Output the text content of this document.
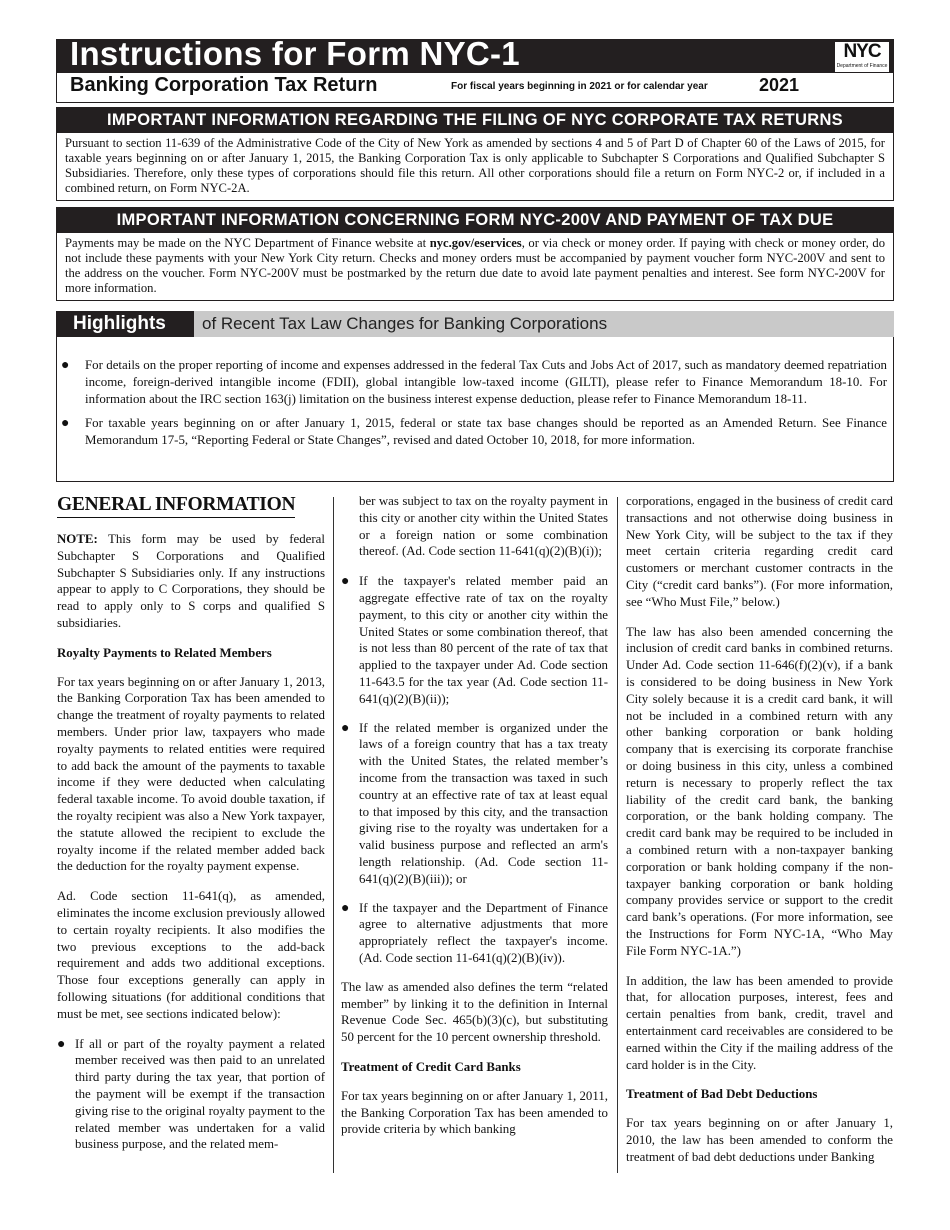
Instructions for Form NYC-1	NYC
Department of Finance
Banking Corporation Tax Return	For fiscal years beginning in 2021 or for calendar year	2021
IMPORTANT INFORMATION REGARDING THE FILING OF NYC CORPORATE TAX RETURNS
Pursuant to section 11-639 of the Administrative Code of the City of New York as amended by sections 4 and 5 of Part D of Chapter 60 of the Laws of 2015, for taxable years beginning on or after January 1, 2015, the Banking Corporation Tax is only applicable to Subchapter S Corporations and Qualified Subchapter S Subsidiaries. Therefore, only these types of corporations should file this return. All other corporations should file a return on Form NYC-2 or, if included in a combined return, on Form NYC-2A.
IMPORTANT INFORMATION CONCERNING FORM NYC-200V AND PAYMENT OF TAX DUE
Payments may be made on the NYC Department of Finance website at nyc.gov/eservices, or via check or money order. If paying with check or money order, do not include these payments with your New York City return. Checks and money orders must be accompanied by payment voucher form NYC-200V and sent to the address on the voucher. Form NYC-200V must be postmarked by the return due date to avoid late payment penalties and interest. See form NYC-200V for more information.
Highlights	of Recent Tax Law Changes for Banking Corporations
● For details on the proper reporting of income and expenses addressed in the federal Tax Cuts and Jobs Act of 2017, such as mandatory deemed repatriation income, foreign-derived intangible income (FDII), global intangible low-taxed income (GILTI), please refer to Finance Memorandum 18-10. For information about the IRC section 163(j) limitation on the business interest expense deduction, please refer to Finance Memorandum 18-11.
● For taxable years beginning on or after January 1, 2015, federal or state tax base changes should be reported as an Amended Return. See Finance Memorandum 17-5, “Reporting Federal or State Changes”, revised and dated October 10, 2018, for more information.
GENERAL INFORMATION

NOTE: This form may be used by federal Subchapter S Corporations and Qualified Subchapter S Subsidiaries only. If any instructions appear to apply to C Corporations, they should be read to apply only to S corps and qualified S subsidiaries.

Royalty Payments to Related Members

For tax years beginning on or after January 1, 2013, the Banking Corporation Tax has been amended to change the treatment of royalty payments to related members. Under prior law, taxpayers who made royalty payments to related entities were required to add back the amount of the payments to taxable income if they were deducted when calculating federal taxable income. To avoid double taxation, if the royalty recipient was also a New York taxpayer, the statute allowed the recipient to exclude the royalty income if the related member added back the deduction for the royalty payment expense.

Ad. Code section 11-641(q), as amended, eliminates the income exclusion previously allowed to certain royalty recipients. It also modifies the two previous exceptions to the add-back requirement and adds two additional exceptions. Those four exceptions generally can apply in following situations (for additional conditions that must be met, see sections indicated below):

● If all or part of the royalty payment a related member received was then paid to an unrelated third party during the tax year, that portion of the payment will be exempt if the transaction giving rise to the original royalty payment to the related member was undertaken for a valid business purpose, and the related mem-

ber was subject to tax on the royalty payment in this city or another city within the United States or a foreign nation or some combination thereof. (Ad. Code section 11-641(q)(2)(B)(i));

● If the taxpayer's related member paid an aggregate effective rate of tax on the royalty payment, to this city or another city within the United States or some combination thereof, that is not less than 80 percent of the rate of tax that applied to the taxpayer under Ad. Code section 11-643.5 for the tax year (Ad. Code section 11-641(q)(2)(B)(ii));
● If the related member is organized under the laws of a foreign country that has a tax treaty with the United States, the related member’s income from the transaction was taxed in such country at an effective rate of tax at least equal to that imposed by this city, and the transaction giving rise to the royalty was undertaken for a valid business purpose and reflected an arm's length relationship. (Ad. Code section 11-641(q)(2)(B)(iii)); or
● If the taxpayer and the Department of Finance agree to alternative adjustments that more appropriately reflect the taxpayer's income. (Ad. Code section 11-641(q)(2)(B)(iv)).

The law as amended also defines the term “related member” by linking it to the definition in Internal Revenue Code Sec. 465(b)(3)(c), but substituting 50 percent for the 10 percent ownership threshold.

Treatment of Credit Card Banks

For tax years beginning on or after January 1, 2011, the Banking Corporation Tax has been amended to provide criteria by which banking

corporations, engaged in the business of credit card transactions and not otherwise doing business in New York City, will be subject to the tax if they meet certain criteria regarding credit card customers or merchant customer contracts in the City (“credit card banks”). (For more information, see “Who Must File,” below.)

The law has also been amended concerning the inclusion of credit card banks in combined returns. Under Ad. Code section 11-646(f)(2)(v), if a bank is considered to be doing business in New York City solely because it is a credit card bank, it will not be included in a combined return with any other banking corporation or bank holding company that is exercising its corporate franchise or doing business in this city, unless a combined return is necessary to properly reflect the tax liability of the credit card bank, the banking corporation, or the bank holding company. The credit card bank may be required to be included in a combined return with a non-taxpayer banking corporation or bank holding company if the non-taxpayer banking corporation or bank holding company provides service or support to the credit card bank’s operations. (For more information, see the Instructions for Form NYC-1A, “Who May File Form NYC-1A.”)

In addition, the law has been amended to provide that, for allocation purposes, interest, fees and certain penalties from bank, credit, travel and entertainment card receivables are considered to be earned within the City if the mailing address of the card holder is in the City.

Treatment of Bad Debt Deductions

For tax years beginning on or after January 1, 2010, the law has been amended to conform the treatment of bad debt deductions under Banking
